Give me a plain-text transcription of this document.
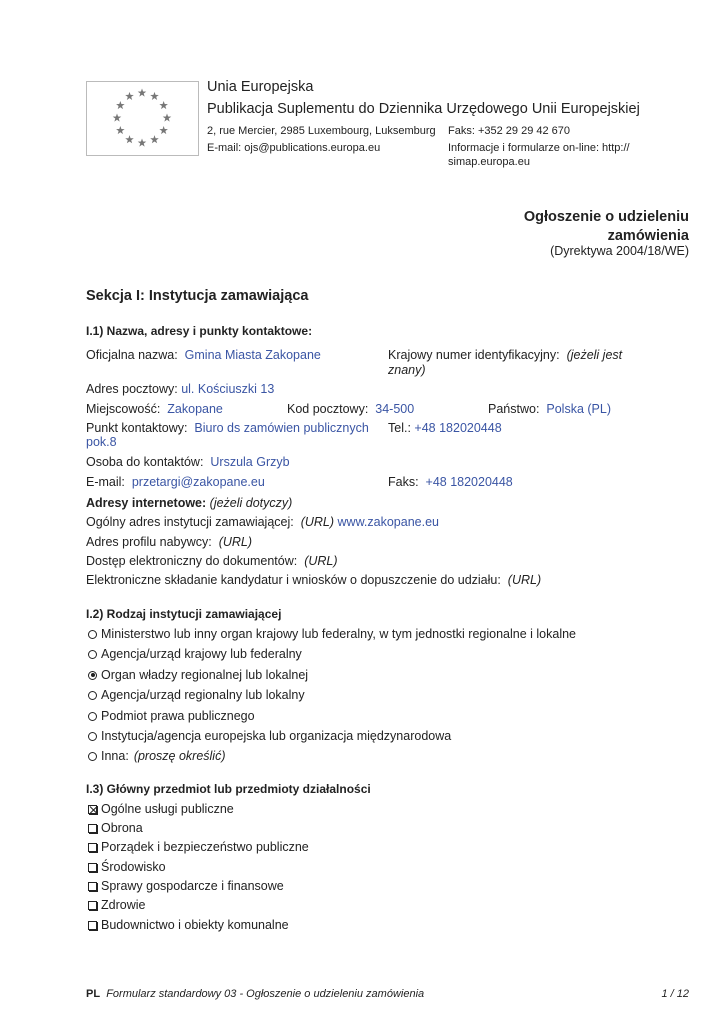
Unia Europejska
Publikacja Suplementu do Dziennika Urzędowego Unii Europejskiej
2, rue Mercier, 2985 Luxembourg, Luksemburg Faks: +352 29 29 42 670
E-mail: ojs@publications.europa.eu	Informacje i formularze on-line: http://
simap.europa.eu
Ogłoszenie o udzieleniu
zamówienia
(Dyrektywa 2004/18/WE)
Sekcja I: Instytucja zamawiająca
I.1) Nazwa, adresy i punkty kontaktowe:
Oficjalna nazwa: Gmina Miasta Zakopane	Krajowy numer identyfikacyjny: (jeżeli jest
znany)
Adres pocztowy: ul. Kościuszki 13
Miejscowość: Zakopane	Kod pocztowy: 34-500	Państwo: Polska (PL)
Punkt kontaktowy: Biuro ds zamówien publicznych
pok.8
Tel.: +48 182020448
Osoba do kontaktów: Urszula Grzyb
E-mail: przetargi@zakopane.eu	Faks: +48 182020448
Adresy internetowe: (jeżeli dotyczy)
Ogólny adres instytucji zamawiającej: (URL) www.zakopane.eu
Adres profilu nabywcy: (URL)
Dostęp elektroniczny do dokumentów: (URL)
Elektroniczne składanie kandydatur i wniosków o dopuszczenie do udziału: (URL)
I.2) Rodzaj instytucji zamawiającej
Ministerstwo lub inny organ krajowy lub federalny, w tym jednostki regionalne i lokalne
Agencja/urząd krajowy lub federalny
Organ władzy regionalnej lub lokalnej
Agencja/urząd regionalny lub lokalny
Podmiot prawa publicznego
Instytucja/agencja europejska lub organizacja międzynarodowa
Inna: (proszę określić)
I.3) Główny przedmiot lub przedmioty działalności
Ogólne usługi publiczne
Obrona
Porządek i bezpieczeństwo publiczne
Środowisko
Sprawy gospodarcze i finansowe
Zdrowie
Budownictwo i obiekty komunalne
PL Formularz standardowy 03 - Ogłoszenie o udzieleniu zamówienia	1 / 12
